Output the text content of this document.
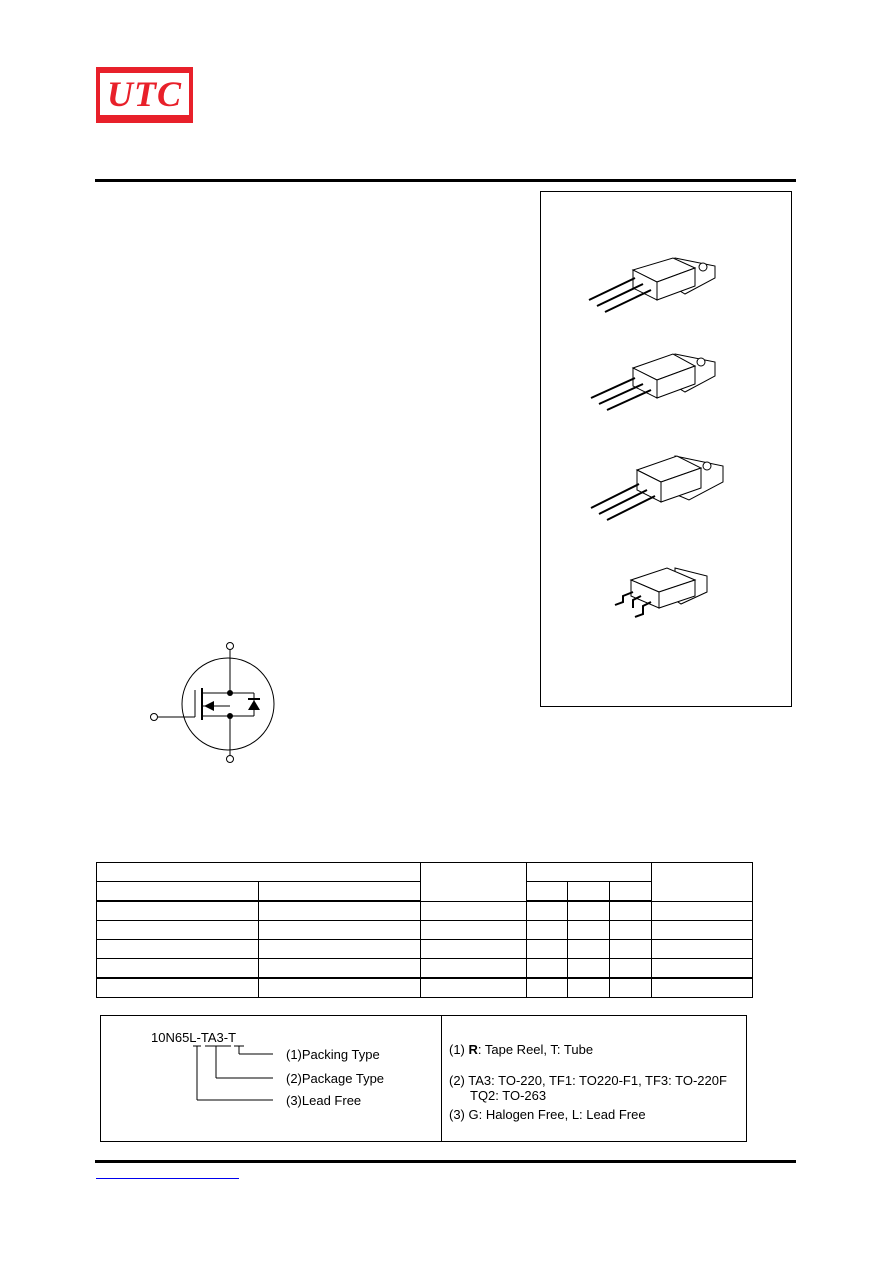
UTC

10N65L-TA3-T
(1)Packing Type
(2)Package Type
(3)Lead Free
(1) R: Tape Reel, T: Tube
(2) TA3: TO-220, TF1: TO220-F1, TF3: TO-220F
TQ2: TO-263
(3) G: Halogen Free, L: Lead Free
